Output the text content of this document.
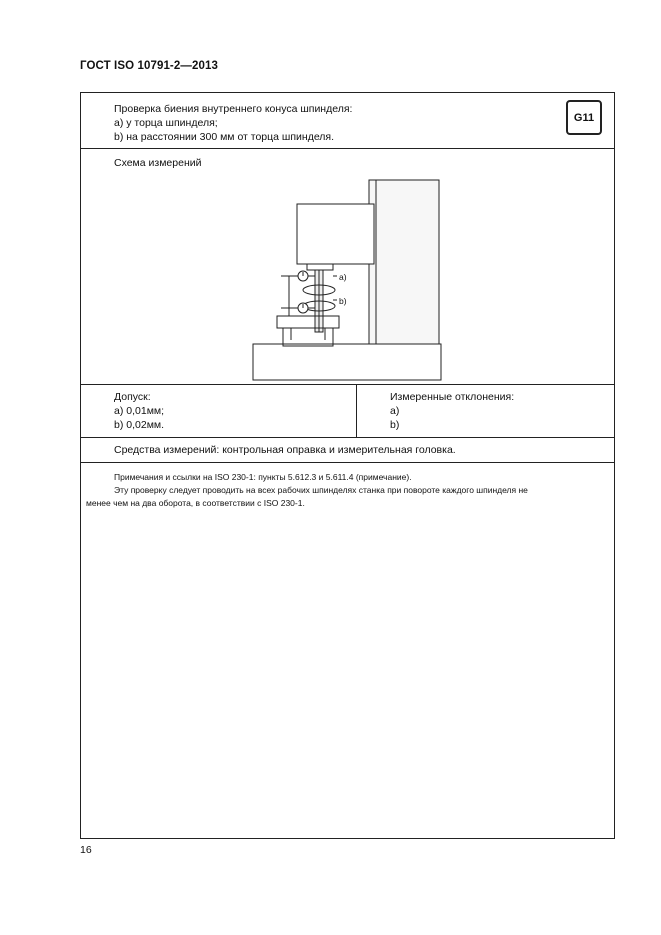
ГОСТ ISO 10791-2—2013
Проверка биения внутреннего конуса шпинделя:
а) у торца шпинделя;
b) на расстоянии 300 мм от торца шпинделя.
G11
Схема измерений
a)
b)
Допуск:
а) 0,01мм;
b) 0,02мм.
Измеренные отклонения:
а)
b)
Средства измерений: контрольная оправка и измерительная головка.
Примечания и ссылки на ISO 230-1: пункты 5.612.3 и 5.611.4 (примечание).
Эту проверку следует проводить на всех рабочих шпинделях станка при повороте каждого шпинделя не
менее чем на два оборота, в соответствии с ISO 230-1.
16
